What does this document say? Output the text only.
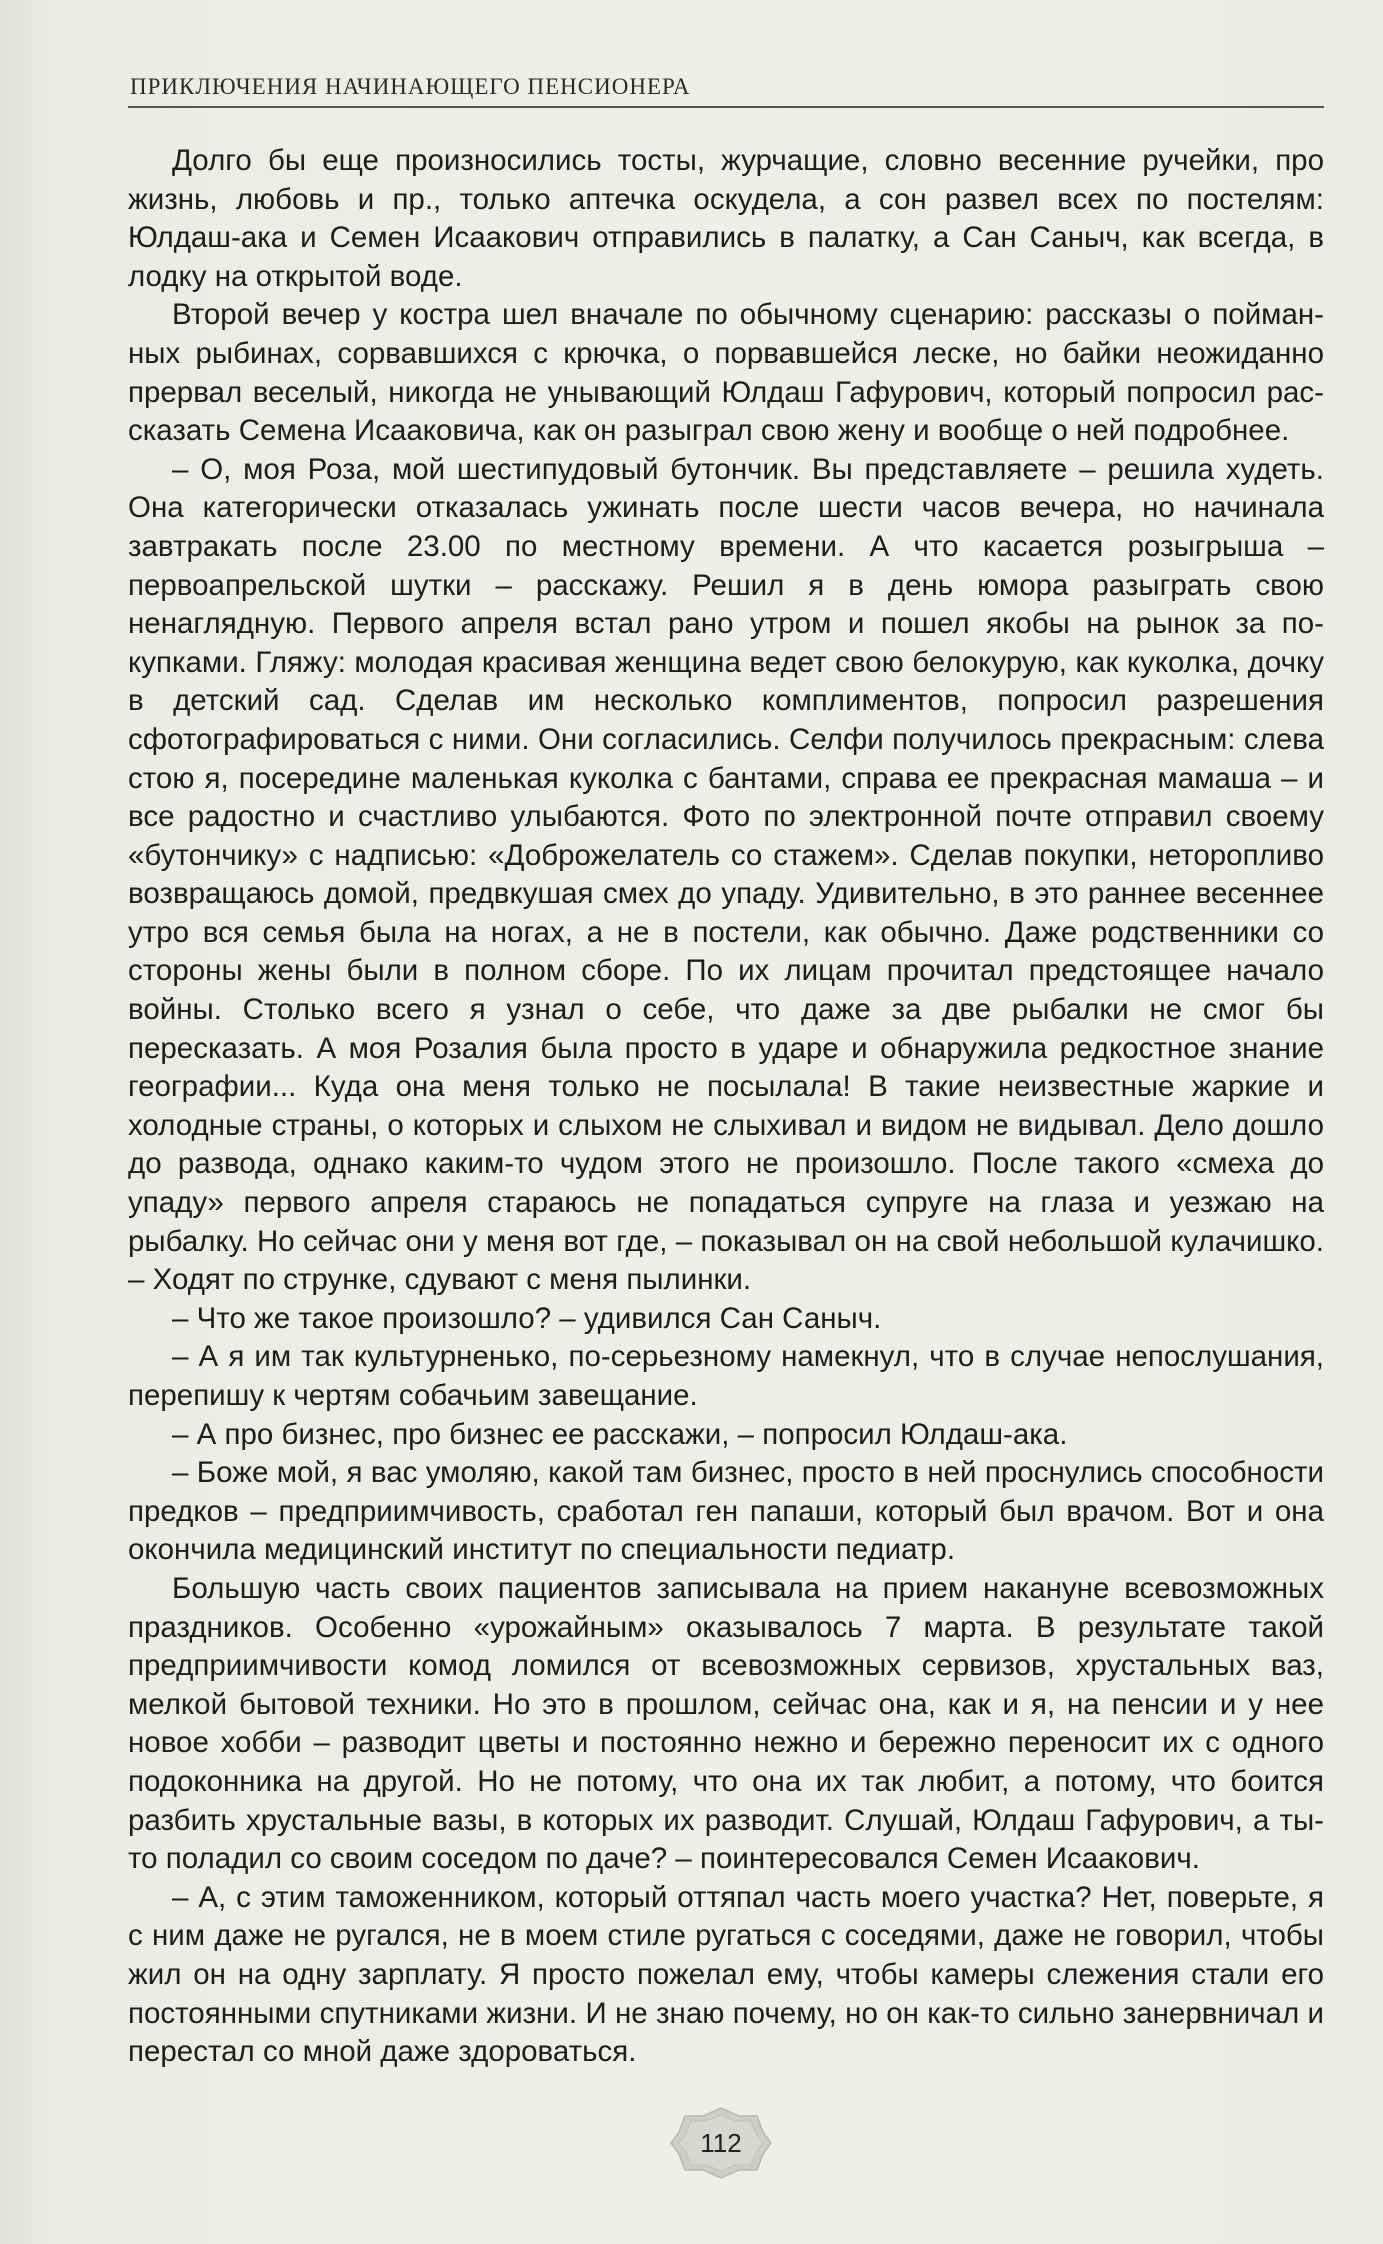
ПРИКЛЮЧЕНИЯ НАЧИНАЮЩЕГО ПЕНСИОНЕРА

Долго бы еще произносились тосты, журчащие, словно весенние ручейки, про жизнь, любовь и пр., только аптечка оскудела, а сон развел всех по постелям: Юлдаш-ака и Семен Исаакович отправились в палатку, а Сан Саныч, как всегда, в лодку на открытой воде.

Второй вечер у костра шел вначале по обычному сценарию: рассказы о пойманных рыбинах, сорвавшихся с крючка, о порвавшейся леске, но байки неожиданно прервал веселый, никогда не унывающий Юлдаш Гафурович, который попросил рассказать Семена Исааковича, как он разыграл свою жену и вообще о ней подробнее.

– О, моя Роза, мой шестипудовый бутончик. Вы представляете – решила худеть. Она категорически отказалась ужинать после шести часов вечера, но начинала завтракать после 23.00 по местному времени. А что касается розыгрыша – первоапрельской шутки – расскажу. Решил я в день юмора разыграть свою ненаглядную. Первого апреля встал рано утром и пошел якобы на рынок за покупками. Гляжу: молодая красивая женщина ведет свою белокурую, как куколка, дочку в детский сад. Сделав им несколько комплиментов, попросил разрешения сфотографироваться с ними. Они согласились. Селфи получилось прекрасным: слева стою я, посередине маленькая куколка с бантами, справа ее прекрасная мамаша – и все радостно и счастливо улыбаются. Фото по электронной почте отправил своему «бутончику» с надписью: «Доброжелатель со стажем». Сделав покупки, неторопливо возвращаюсь домой, предвкушая смех до упаду. Удивительно, в это раннее весеннее утро вся семья была на ногах, а не в постели, как обычно. Даже родственники со стороны жены были в полном сборе. По их лицам прочитал предстоящее начало войны. Столько всего я узнал о себе, что даже за две рыбалки не смог бы пересказать. А моя Розалия была просто в ударе и обнаружила редкостное знание географии... Куда она меня только не посылала! В такие неизвестные жаркие и холодные страны, о которых и слыхом не слыхивал и видом не видывал. Дело дошло до развода, однако каким-то чудом этого не произошло. После такого «смеха до упаду» первого апреля стараюсь не попадаться супруге на глаза и уезжаю на рыбалку. Но сейчас они у меня вот где, – показывал он на свой небольшой кулачишко. – Ходят по струнке, сдувают с меня пылинки.

– Что же такое произошло? – удивился Сан Саныч.

– А я им так культурненько, по-серьезному намекнул, что в случае непослушания, перепишу к чертям собачьим завещание.

– А про бизнес, про бизнес ее расскажи, – попросил Юлдаш-ака.

– Боже мой, я вас умоляю, какой там бизнес, просто в ней проснулись способности предков – предприимчивость, сработал ген папаши, который был врачом. Вот и она окончила медицинский институт по специальности педиатр.

Большую часть своих пациентов записывала на прием накануне всевозможных праздников. Особенно «урожайным» оказывалось 7 марта. В результате такой предприимчивости комод ломился от всевозможных сервизов, хрустальных ваз, мелкой бытовой техники. Но это в прошлом, сейчас она, как и я, на пенсии и у нее новое хобби – разводит цветы и постоянно нежно и бережно переносит их с одного подоконника на другой. Но не потому, что она их так любит, а потому, что боится разбить хрустальные вазы, в которых их разводит. Слушай, Юлдаш Гафурович, а ты-то поладил со своим соседом по даче? – поинтересовался Семен Исаакович.

– А, с этим таможенником, который оттяпал часть моего участка? Нет, поверьте, я с ним даже не ругался, не в моем стиле ругаться с соседями, даже не говорил, чтобы жил он на одну зарплату. Я просто пожелал ему, чтобы камеры слежения стали его постоянными спутниками жизни. И не знаю почему, но он как-то сильно занервничал и перестал со мной даже здороваться.

112
